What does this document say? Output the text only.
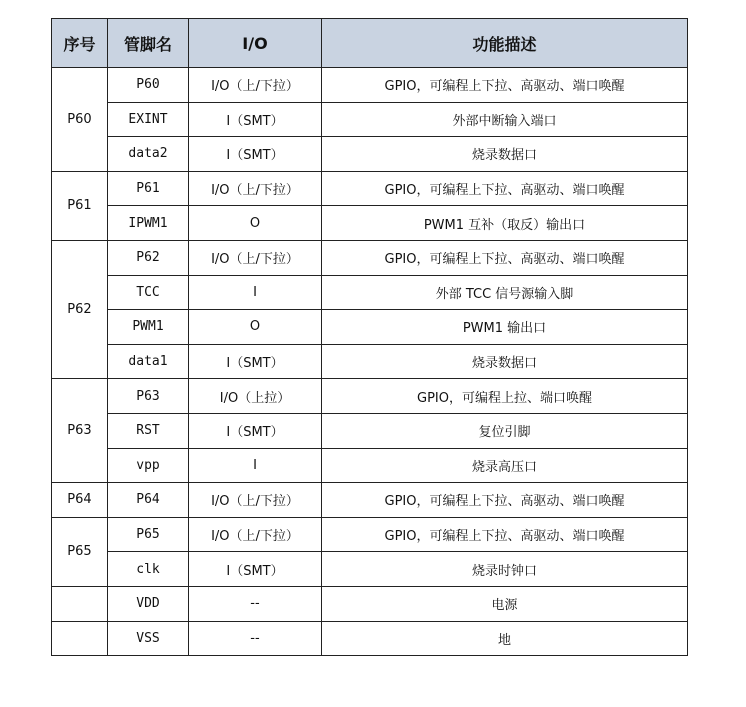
序号	管脚名	I/O	功能描述
P60	P60	I/O（上/下拉）	GPIO，可编程上下拉、高驱动、端口唤醒
	EXINT	I（SMT）	外部中断输入端口
	data2	I（SMT）	烧录数据口
P61	P61	I/O（上/下拉）	GPIO，可编程上下拉、高驱动、端口唤醒
	IPWM1	O	PWM1 互补（取反）输出口
P62	P62	I/O（上/下拉）	GPIO，可编程上下拉、高驱动、端口唤醒
	TCC	I	外部 TCC 信号源输入脚
	PWM1	O	PWM1 输出口
	data1	I（SMT）	烧录数据口
P63	P63	I/O（上拉）	GPIO，可编程上拉、端口唤醒
	RST	I（SMT）	复位引脚
	vpp	I	烧录高压口
P64	P64	I/O（上/下拉）	GPIO，可编程上下拉、高驱动、端口唤醒
P65	P65	I/O（上/下拉）	GPIO，可编程上下拉、高驱动、端口唤醒
	clk	I（SMT）	烧录时钟口
	VDD	--	电源
	VSS	--	地
